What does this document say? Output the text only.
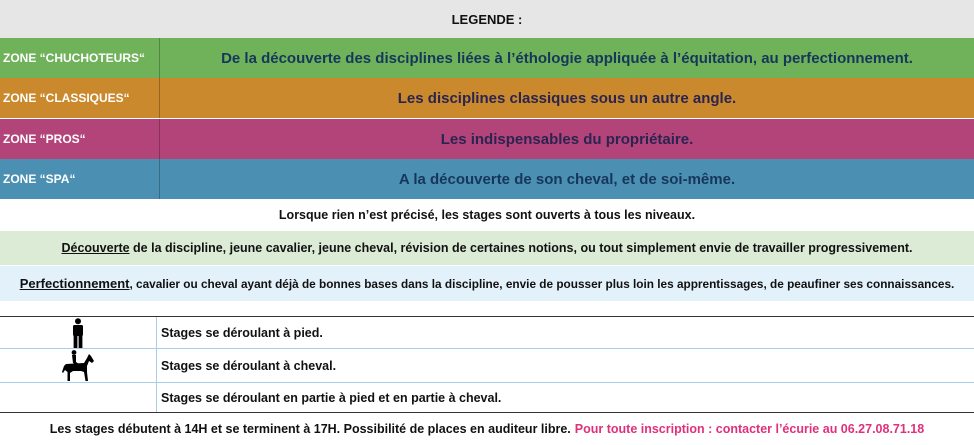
LEGENDE :
ZONE “CHUCHOTEURS“	De la découverte des disciplines liées à l’éthologie appliquée à l’équitation, au perfectionnement.
ZONE “CLASSIQUES“	Les disciplines classiques sous un autre angle.
ZONE “PROS“	Les indispensables du propriétaire.
ZONE “SPA“	A la découverte de son cheval, et de soi-même.
Lorsque rien n’est précisé, les stages sont ouverts à tous les niveaux.
Découverte de la discipline, jeune cavalier, jeune cheval, révision de certaines notions, ou tout simplement envie de travailler progressivement.
Perfectionnement , cavalier ou cheval ayant déjà de bonnes bases dans la discipline, envie de pousser plus loin les apprentissages, de peaufiner ses connaissances.
Stages se déroulant à pied.
Stages se déroulant à cheval.
Stages se déroulant en partie à pied et en partie à cheval.
Les stages débutent à 14H et se terminent à 17H. Possibilité de places en auditeur libre. Pour toute inscription : contacter l’écurie au 06.27.08.71.18
